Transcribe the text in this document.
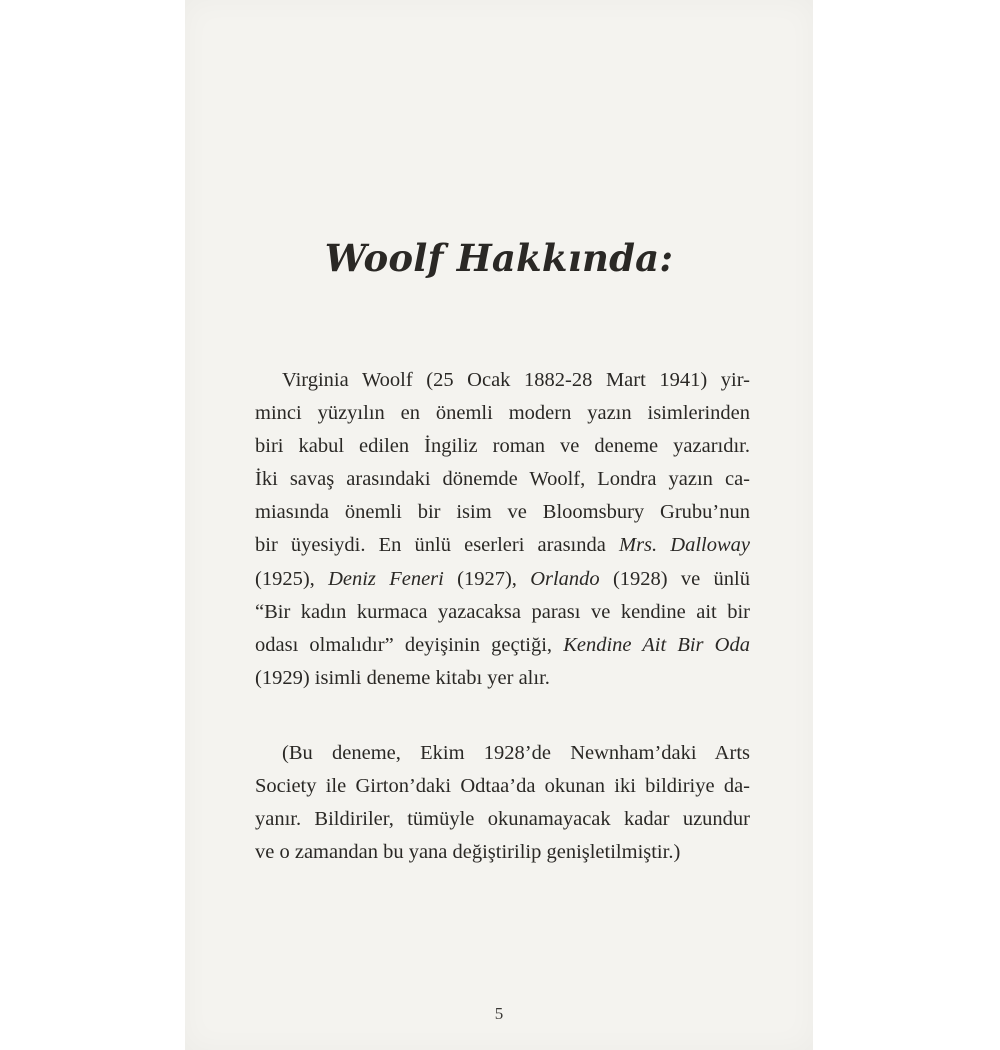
Woolf Hakkında:
Virginia Woolf (25 Ocak 1882-28 Mart 1941) yir-
minci yüzyılın en önemli modern yazın isimlerinden
biri kabul edilen İngiliz roman ve deneme yazarıdır.
İki savaş arasındaki dönemde Woolf, Londra yazın ca-
miasında önemli bir isim ve Bloomsbury Grubu’nun
bir üyesiydi. En ünlü eserleri arasında Mrs. Dalloway
(1925), Deniz Feneri (1927), Orlando (1928) ve ünlü
“Bir kadın kurmaca yazacaksa parası ve kendine ait bir
odası olmalıdır” deyişinin geçtiği, Kendine Ait Bir Oda
(1929) isimli deneme kitabı yer alır.
(Bu deneme, Ekim 1928’de Newnham’daki Arts
Society ile Girton’daki Odtaa’da okunan iki bildiriye da-
yanır. Bildiriler, tümüyle okunamayacak kadar uzundur
ve o zamandan bu yana değiştirilip genişletilmiştir.)
5
